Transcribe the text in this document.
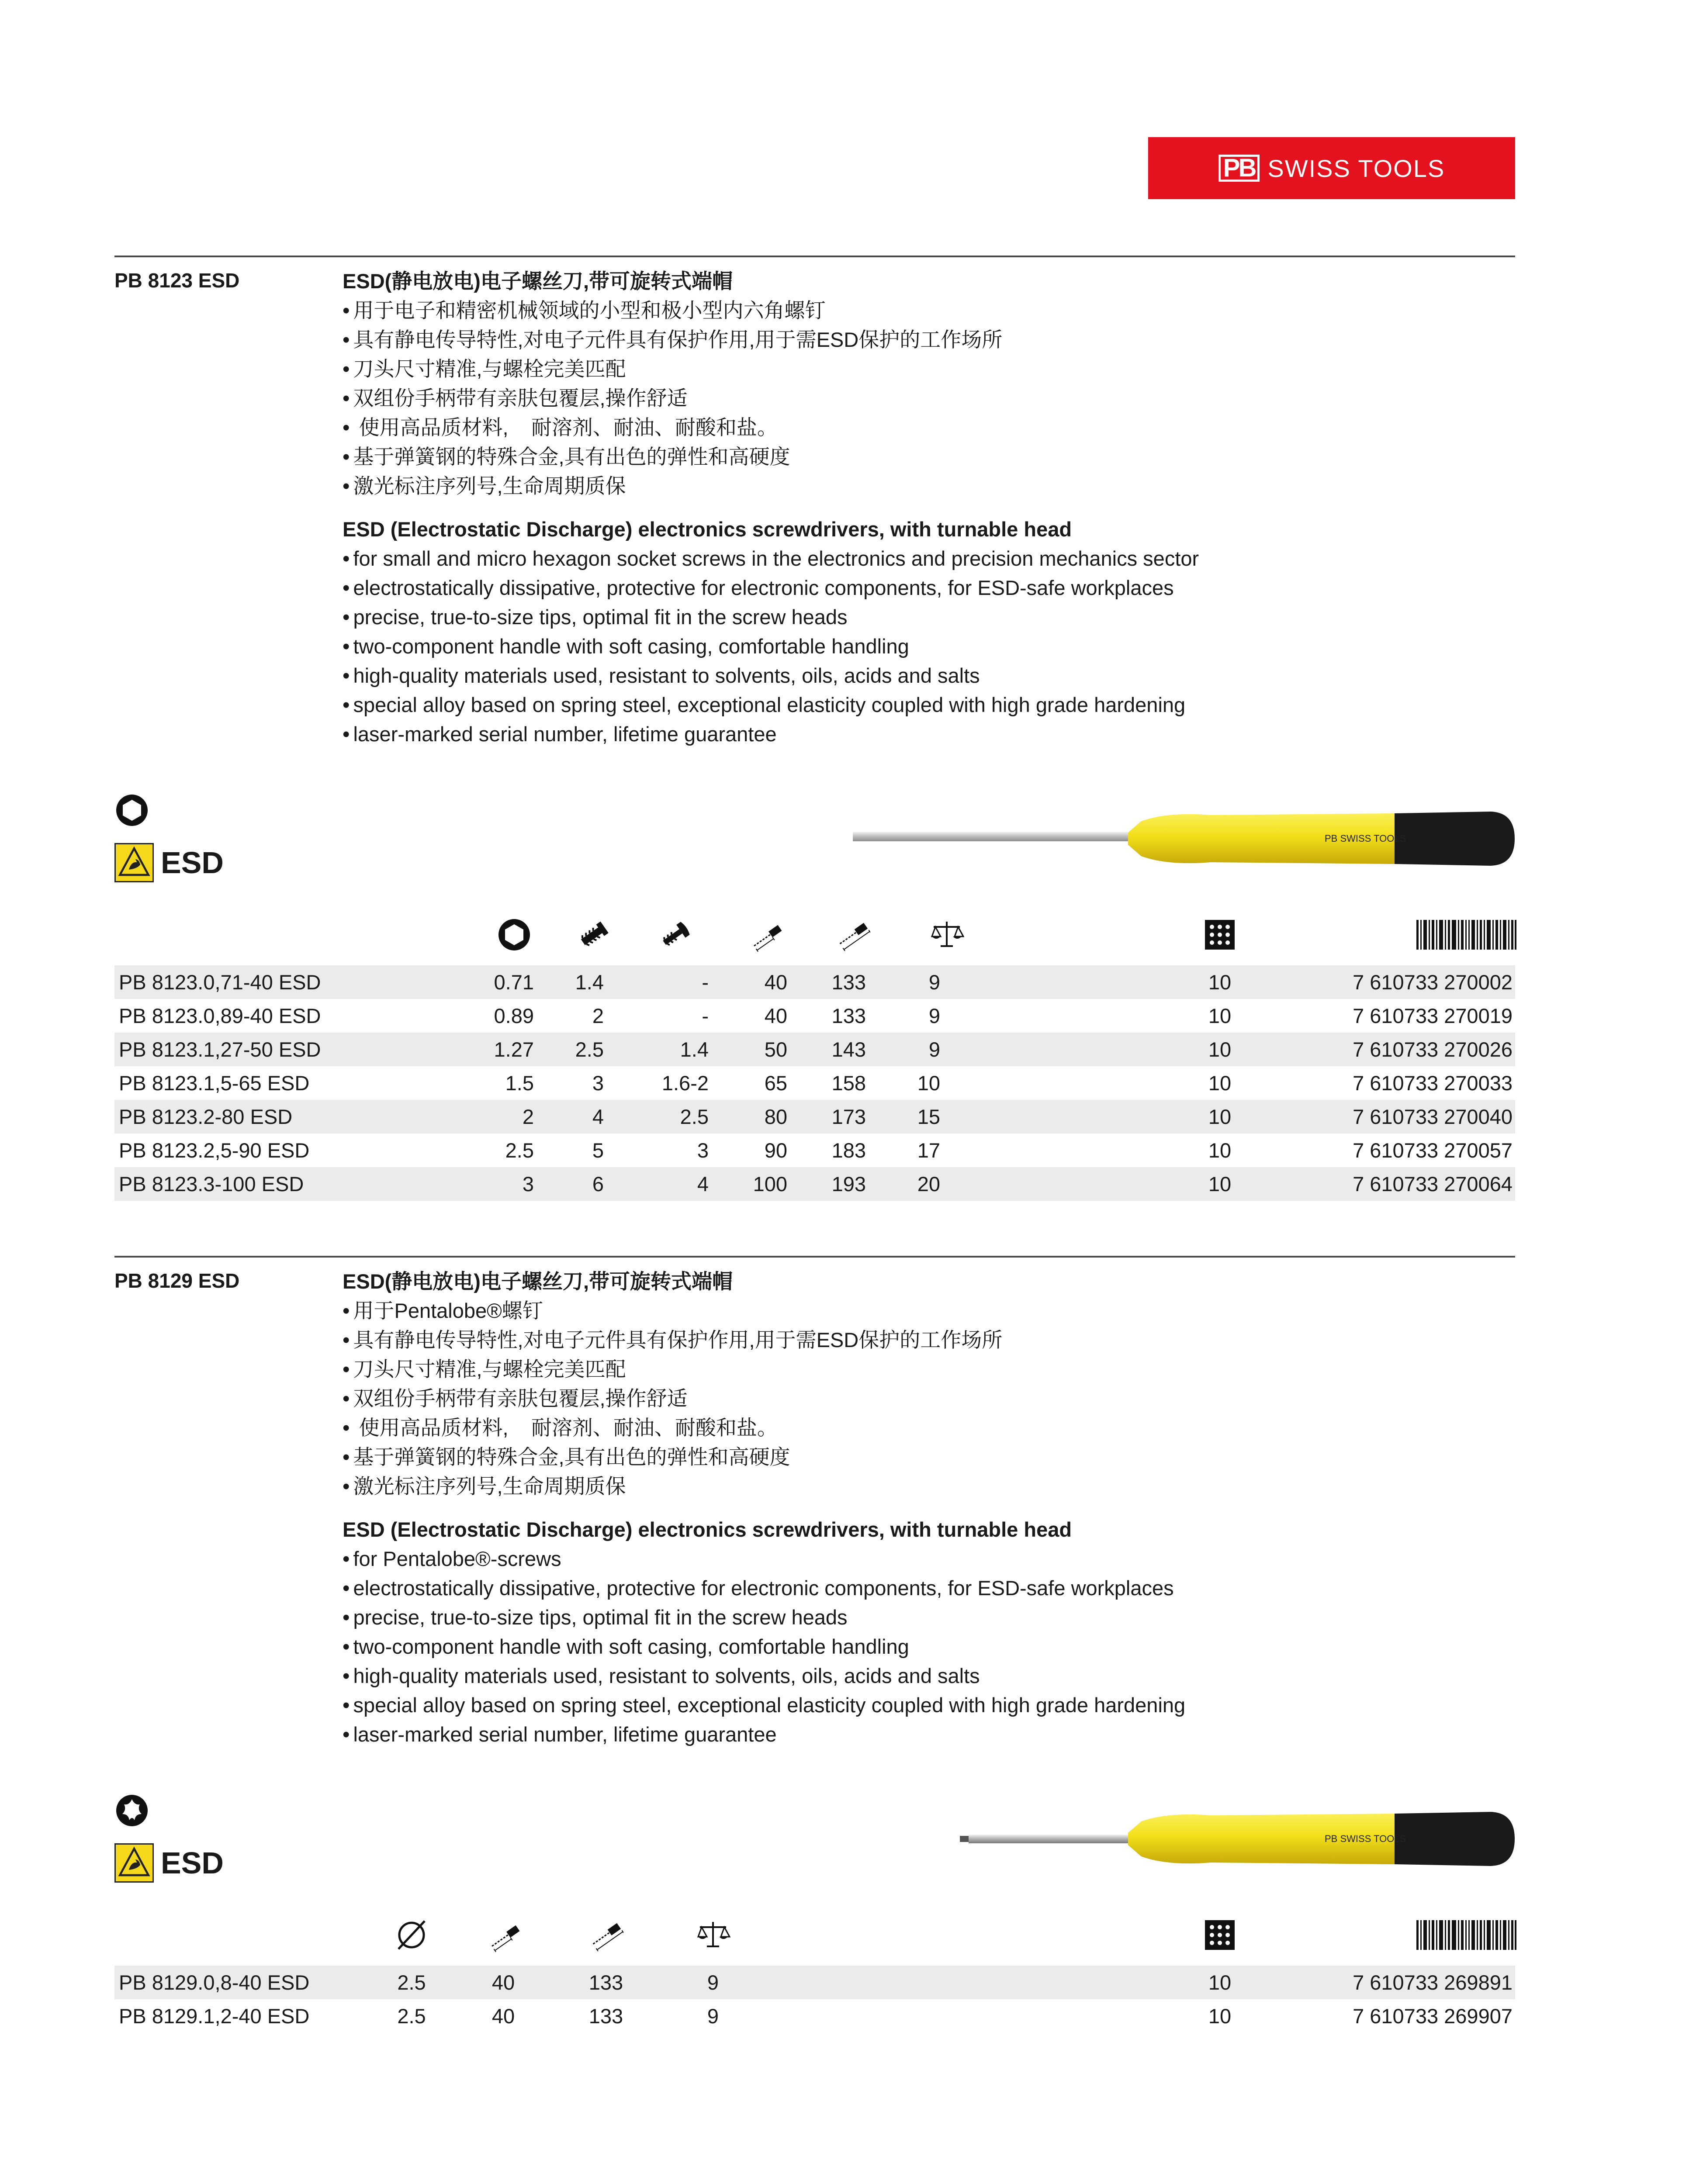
PB SWISS TOOLS
PB 8123 ESD	ESD(静电放电)电子螺丝刀,带可旋转式端帽
• 用于电子和精密机械领域的小型和极小型内六角螺钉
• 具有静电传导特性,对电子元件具有保护作用,用于需ESD保护的工作场所
• 刀头尺寸精准,与螺栓完美匹配
• 双组份手柄带有亲肤包覆层,操作舒适
•  使用高品质材料,    耐溶剂、耐油、耐酸和盐。
• 基于弹簧钢的特殊合金,具有出色的弹性和高硬度
• 激光标注序列号,生命周期质保
ESD (Electrostatic Discharge) electronics screwdrivers, with turnable head
• for small and micro hexagon socket screws in the electronics and precision mechanics sector
• electrostatically dissipative, protective for electronic components, for ESD-safe workplaces
• precise, true-to-size tips, optimal fit in the screw heads
• two-component handle with soft casing, comfortable handling
• high-quality materials used, resistant to solvents, oils, acids and salts
• special alloy based on spring steel, exceptional elasticity coupled with high grade hardening
• laser-marked serial number, lifetime guarantee
ESD
PB SWISS TOOLS
PB 8123.0,71-40 ESD	0.71	1.4	-	40	133	9	10	7 610733 270002
PB 8123.0,89-40 ESD	0.89	2	-	40	133	9	10	7 610733 270019
PB 8123.1,27-50 ESD	1.27	2.5	1.4	50	143	9	10	7 610733 270026
PB 8123.1,5-65 ESD	1.5	3	1.6-2	65	158	10	10	7 610733 270033
PB 8123.2-80 ESD	2	4	2.5	80	173	15	10	7 610733 270040
PB 8123.2,5-90 ESD	2.5	5	3	90	183	17	10	7 610733 270057
PB 8123.3-100 ESD	3	6	4	100	193	20	10	7 610733 270064
PB 8129 ESD	ESD(静电放电)电子螺丝刀,带可旋转式端帽
• 用于Pentalobe®螺钉
• 具有静电传导特性,对电子元件具有保护作用,用于需ESD保护的工作场所
• 刀头尺寸精准,与螺栓完美匹配
• 双组份手柄带有亲肤包覆层,操作舒适
•  使用高品质材料,    耐溶剂、耐油、耐酸和盐。
• 基于弹簧钢的特殊合金,具有出色的弹性和高硬度
• 激光标注序列号,生命周期质保
ESD (Electrostatic Discharge) electronics screwdrivers, with turnable head
• for Pentalobe®-screws
• electrostatically dissipative, protective for electronic components, for ESD-safe workplaces
• precise, true-to-size tips, optimal fit in the screw heads
• two-component handle with soft casing, comfortable handling
• high-quality materials used, resistant to solvents, oils, acids and salts
• special alloy based on spring steel, exceptional elasticity coupled with high grade hardening
• laser-marked serial number, lifetime guarantee
ESD
PB SWISS TOOLS
PB 8129.0,8-40 ESD	2.5	40	133	9	10	7 610733 269891
PB 8129.1,2-40 ESD	2.5	40	133	9	10	7 610733 269907
